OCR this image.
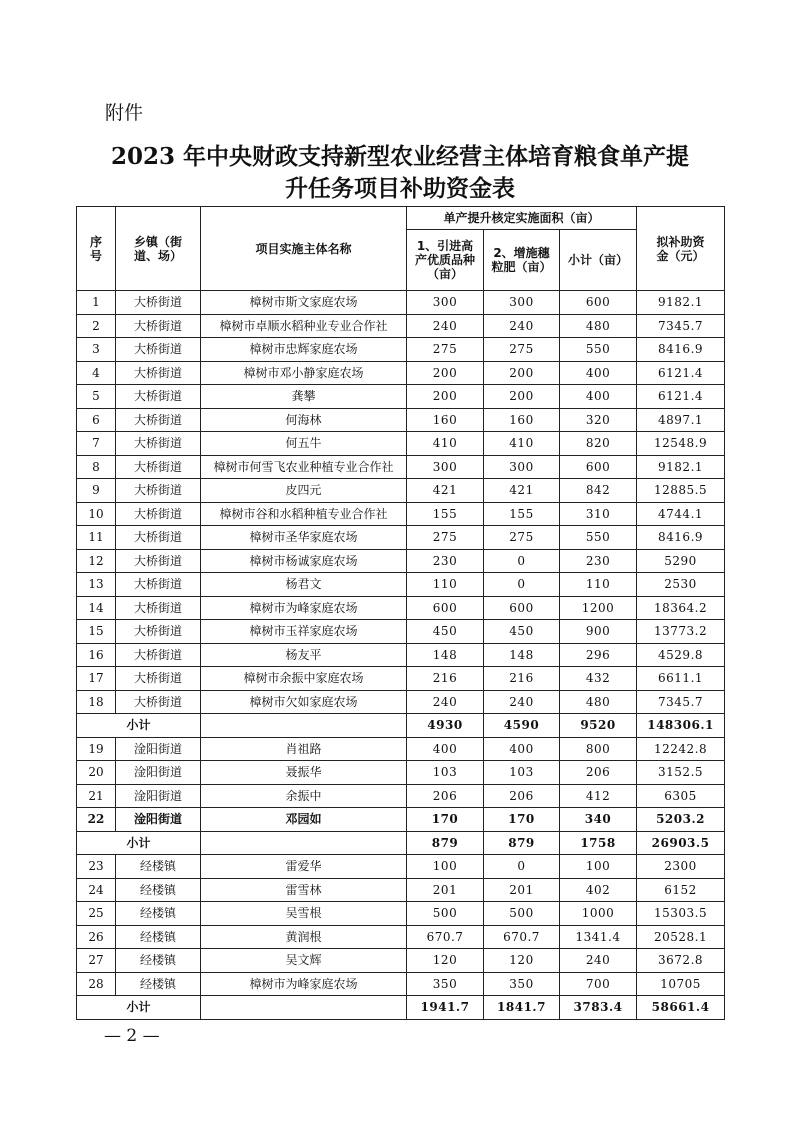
附件
2023 年中央财政支持新型农业经营主体培育粮食单产提
升任务项目补助资金表
序号	乡镇（街道、场）	项目实施主体名称	单产提升核定实施面积（亩）			拟补助资金（元）
			1、引进高产优质品种（亩）	2、增施穗粒肥（亩）	小计（亩）	
1	大桥街道	樟树市斯文家庭农场	300	300	600	9182.1
2	大桥街道	樟树市卓顺水稻种业专业合作社	240	240	480	7345.7
3	大桥街道	樟树市忠辉家庭农场	275	275	550	8416.9
4	大桥街道	樟树市邓小静家庭农场	200	200	400	6121.4
5	大桥街道	龚攀	200	200	400	6121.4
6	大桥街道	何海林	160	160	320	4897.1
7	大桥街道	何五牛	410	410	820	12548.9
8	大桥街道	樟树市何雪飞农业种植专业合作社	300	300	600	9182.1
9	大桥街道	皮四元	421	421	842	12885.5
10	大桥街道	樟树市谷和水稻种植专业合作社	155	155	310	4744.1
11	大桥街道	樟树市圣华家庭农场	275	275	550	8416.9
12	大桥街道	樟树市杨诚家庭农场	230	0	230	5290
13	大桥街道	杨君文	110	0	110	2530
14	大桥街道	樟树市为峰家庭农场	600	600	1200	18364.2
15	大桥街道	樟树市玉祥家庭农场	450	450	900	13773.2
16	大桥街道	杨友平	148	148	296	4529.8
17	大桥街道	樟树市余振中家庭农场	216	216	432	6611.1
18	大桥街道	樟树市欠如家庭农场	240	240	480	7345.7
小计			4930	4590	9520	148306.1
19	淦阳街道	肖祖路	400	400	800	12242.8
20	淦阳街道	聂振华	103	103	206	3152.5
21	淦阳街道	余振中	206	206	412	6305
22	淦阳街道	邓园如	170	170	340	5203.2
小计			879	879	1758	26903.5
23	经楼镇	雷爱华	100	0	100	2300
24	经楼镇	雷雪林	201	201	402	6152
25	经楼镇	吴雪根	500	500	1000	15303.5
26	经楼镇	黄润根	670.7	670.7	1341.4	20528.1
27	经楼镇	吴文辉	120	120	240	3672.8
28	经楼镇	樟树市为峰家庭农场	350	350	700	10705
小计			1941.7	1841.7	3783.4	58661.4
— 2 —
